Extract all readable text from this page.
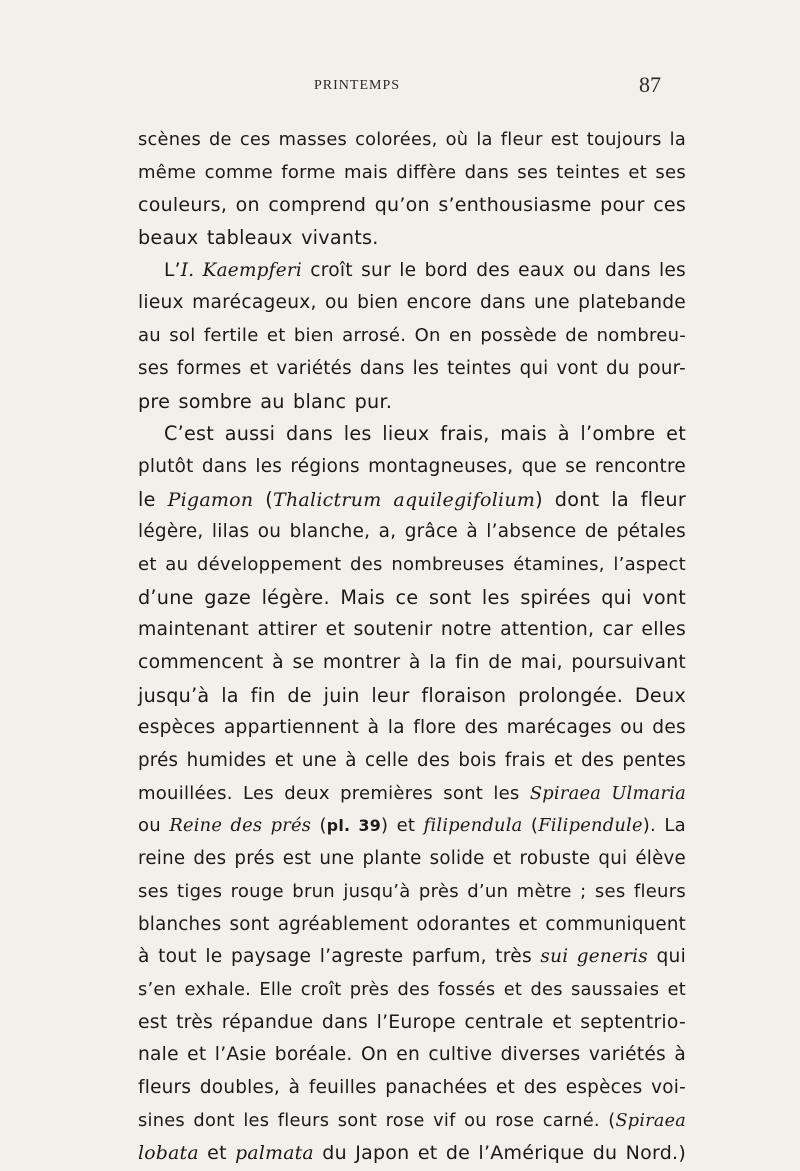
PRINTEMPS	87
scènes de ces masses colorées, où la fleur est toujours la
même comme forme mais diffère dans ses teintes et ses
couleurs, on comprend qu’on s’enthousiasme pour ces
beaux tableaux vivants.
L’I. Kaempferi croît sur le bord des eaux ou dans les
lieux marécageux, ou bien encore dans une platebande
au sol fertile et bien arrosé. On en possède de nombreu-
ses formes et variétés dans les teintes qui vont du pour-
pre sombre au blanc pur.
C’est aussi dans les lieux frais, mais à l’ombre et
plutôt dans les régions montagneuses, que se rencontre
le Pigamon (Thalictrum aquilegifolium) dont la fleur
légère, lilas ou blanche, a, grâce à l’absence de pétales
et au développement des nombreuses étamines, l’aspect
d’une gaze légère. Mais ce sont les spirées qui vont
maintenant attirer et soutenir notre attention, car elles
commencent à se montrer à la fin de mai, poursuivant
jusqu’à la fin de juin leur floraison prolongée. Deux
espèces appartiennent à la flore des marécages ou des
prés humides et une à celle des bois frais et des pentes
mouillées. Les deux premières sont les Spiraea Ulmaria
ou Reine des prés (pl. 39) et filipendula (Filipendule). La
reine des prés est une plante solide et robuste qui élève
ses tiges rouge brun jusqu’à près d’un mètre ; ses fleurs
blanches sont agréablement odorantes et communiquent
à tout le paysage l’agreste parfum, très sui generis qui
s’en exhale. Elle croît près des fossés et des saussaies et
est très répandue dans l’Europe centrale et septentrio-
nale et l’Asie boréale. On en cultive diverses variétés à
fleurs doubles, à feuilles panachées et des espèces voi-
sines dont les fleurs sont rose vif ou rose carné. (Spiraea
lobata et palmata du Japon et de l’Amérique du Nord.)
